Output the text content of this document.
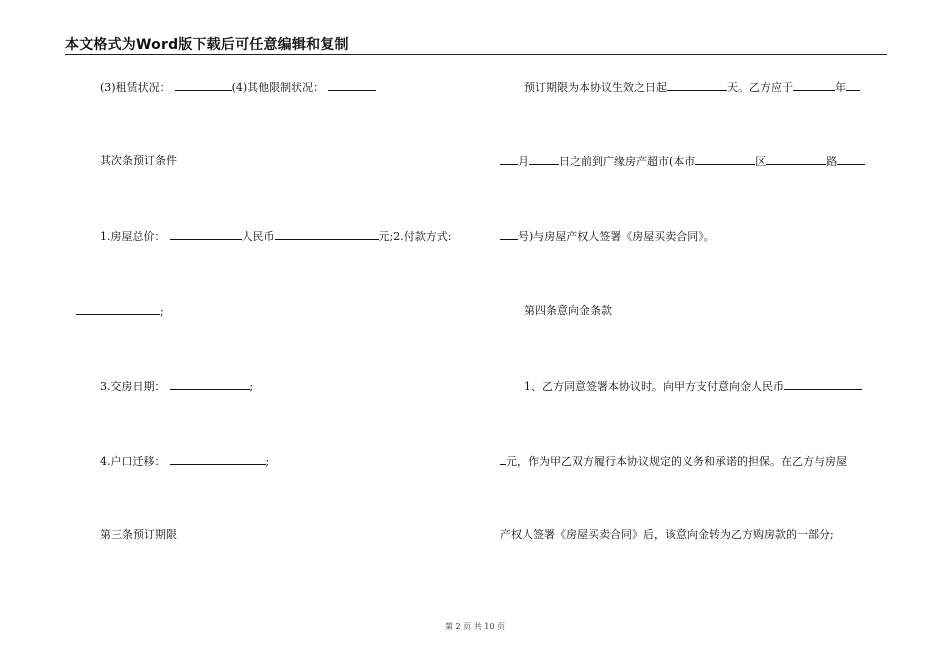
本文格式为Word版下载后可任意编辑和复制
(3)租赁状况：	(4)其他限制状况：
其次条预订条件
1.房屋总价：	人民币	元;2.付款方式:
;
3.交房日期：	;
4.户口迁移：	;
第三条预订期限
预订期限为本协议生效之日起	天。乙方应于	年
月	日之前到广缘房产超市(本市	区	路
号)与房屋产权人签署《房屋买卖合同》。
第四条意向金条款
1、乙方同意签署本协议时。向甲方支付意向金人民币
元，作为甲乙双方履行本协议规定的义务和承诺的担保。在乙方与房屋
产权人签署《房屋买卖合同》后，该意向金转为乙方购房款的一部分;
第 2 页 共 10 页
